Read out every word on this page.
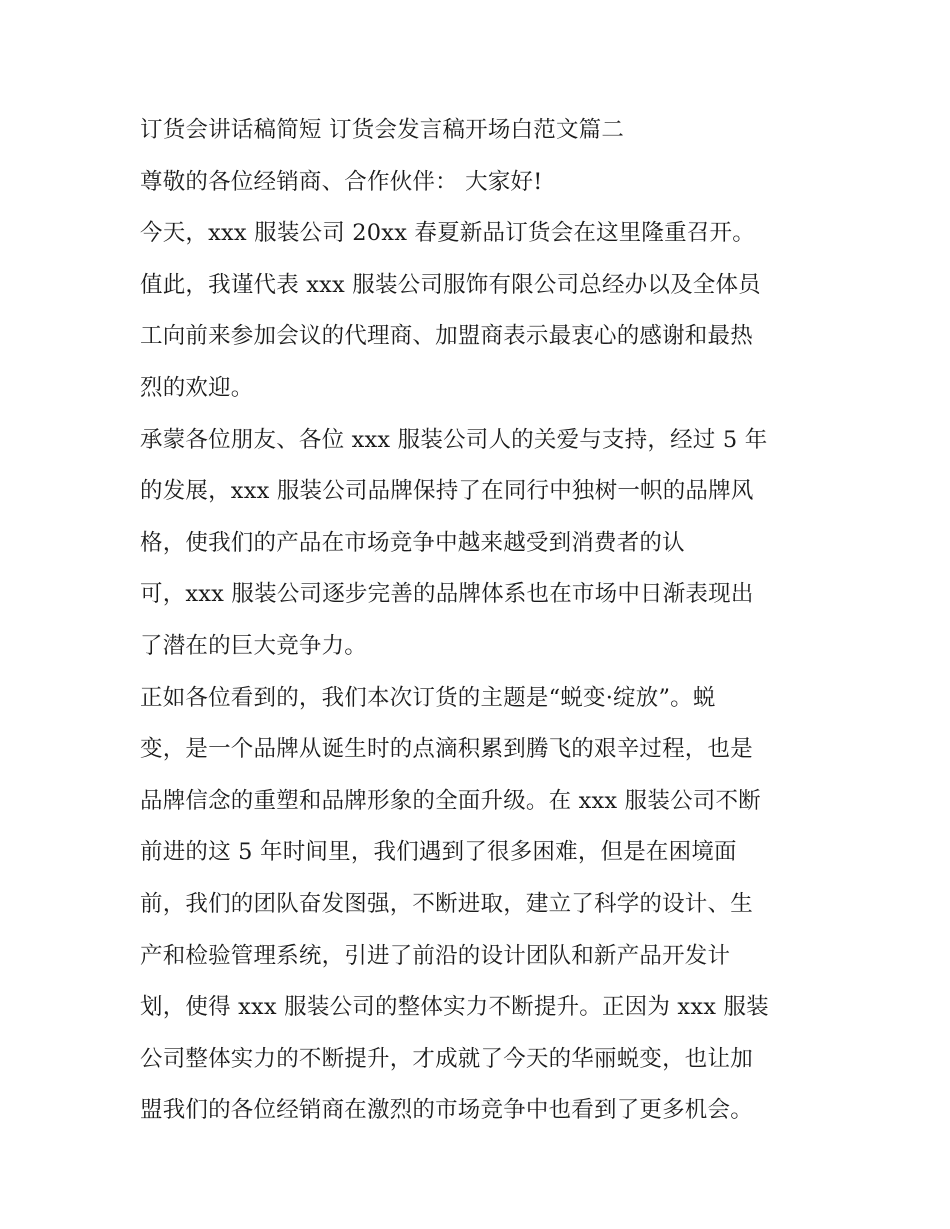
订货会讲话稿简短 订货会发言稿开场白范文篇二
尊敬的各位经销商、合作伙伴： 大家好!
今天，xxx 服装公司 20xx 春夏新品订货会在这里隆重召开。
值此，我谨代表 xxx 服装公司服饰有限公司总经办以及全体员
工向前来参加会议的代理商、加盟商表示最衷心的感谢和最热
烈的欢迎。
承蒙各位朋友、各位 xxx 服装公司人的关爱与支持，经过 5 年
的发展，xxx 服装公司品牌保持了在同行中独树一帜的品牌风
格，使我们的产品在市场竞争中越来越受到消费者的认
可，xxx 服装公司逐步完善的品牌体系也在市场中日渐表现出
了潜在的巨大竞争力。
正如各位看到的，我们本次订货的主题是“蜕变·绽放”。蜕
变，是一个品牌从诞生时的点滴积累到腾飞的艰辛过程，也是
品牌信念的重塑和品牌形象的全面升级。在 xxx 服装公司不断
前进的这 5 年时间里，我们遇到了很多困难，但是在困境面
前，我们的团队奋发图强，不断进取，建立了科学的设计、生
产和检验管理系统，引进了前沿的设计团队和新产品开发计
划，使得 xxx 服装公司的整体实力不断提升。正因为 xxx 服装
公司整体实力的不断提升，才成就了今天的华丽蜕变，也让加
盟我们的各位经销商在激烈的市场竞争中也看到了更多机会。
